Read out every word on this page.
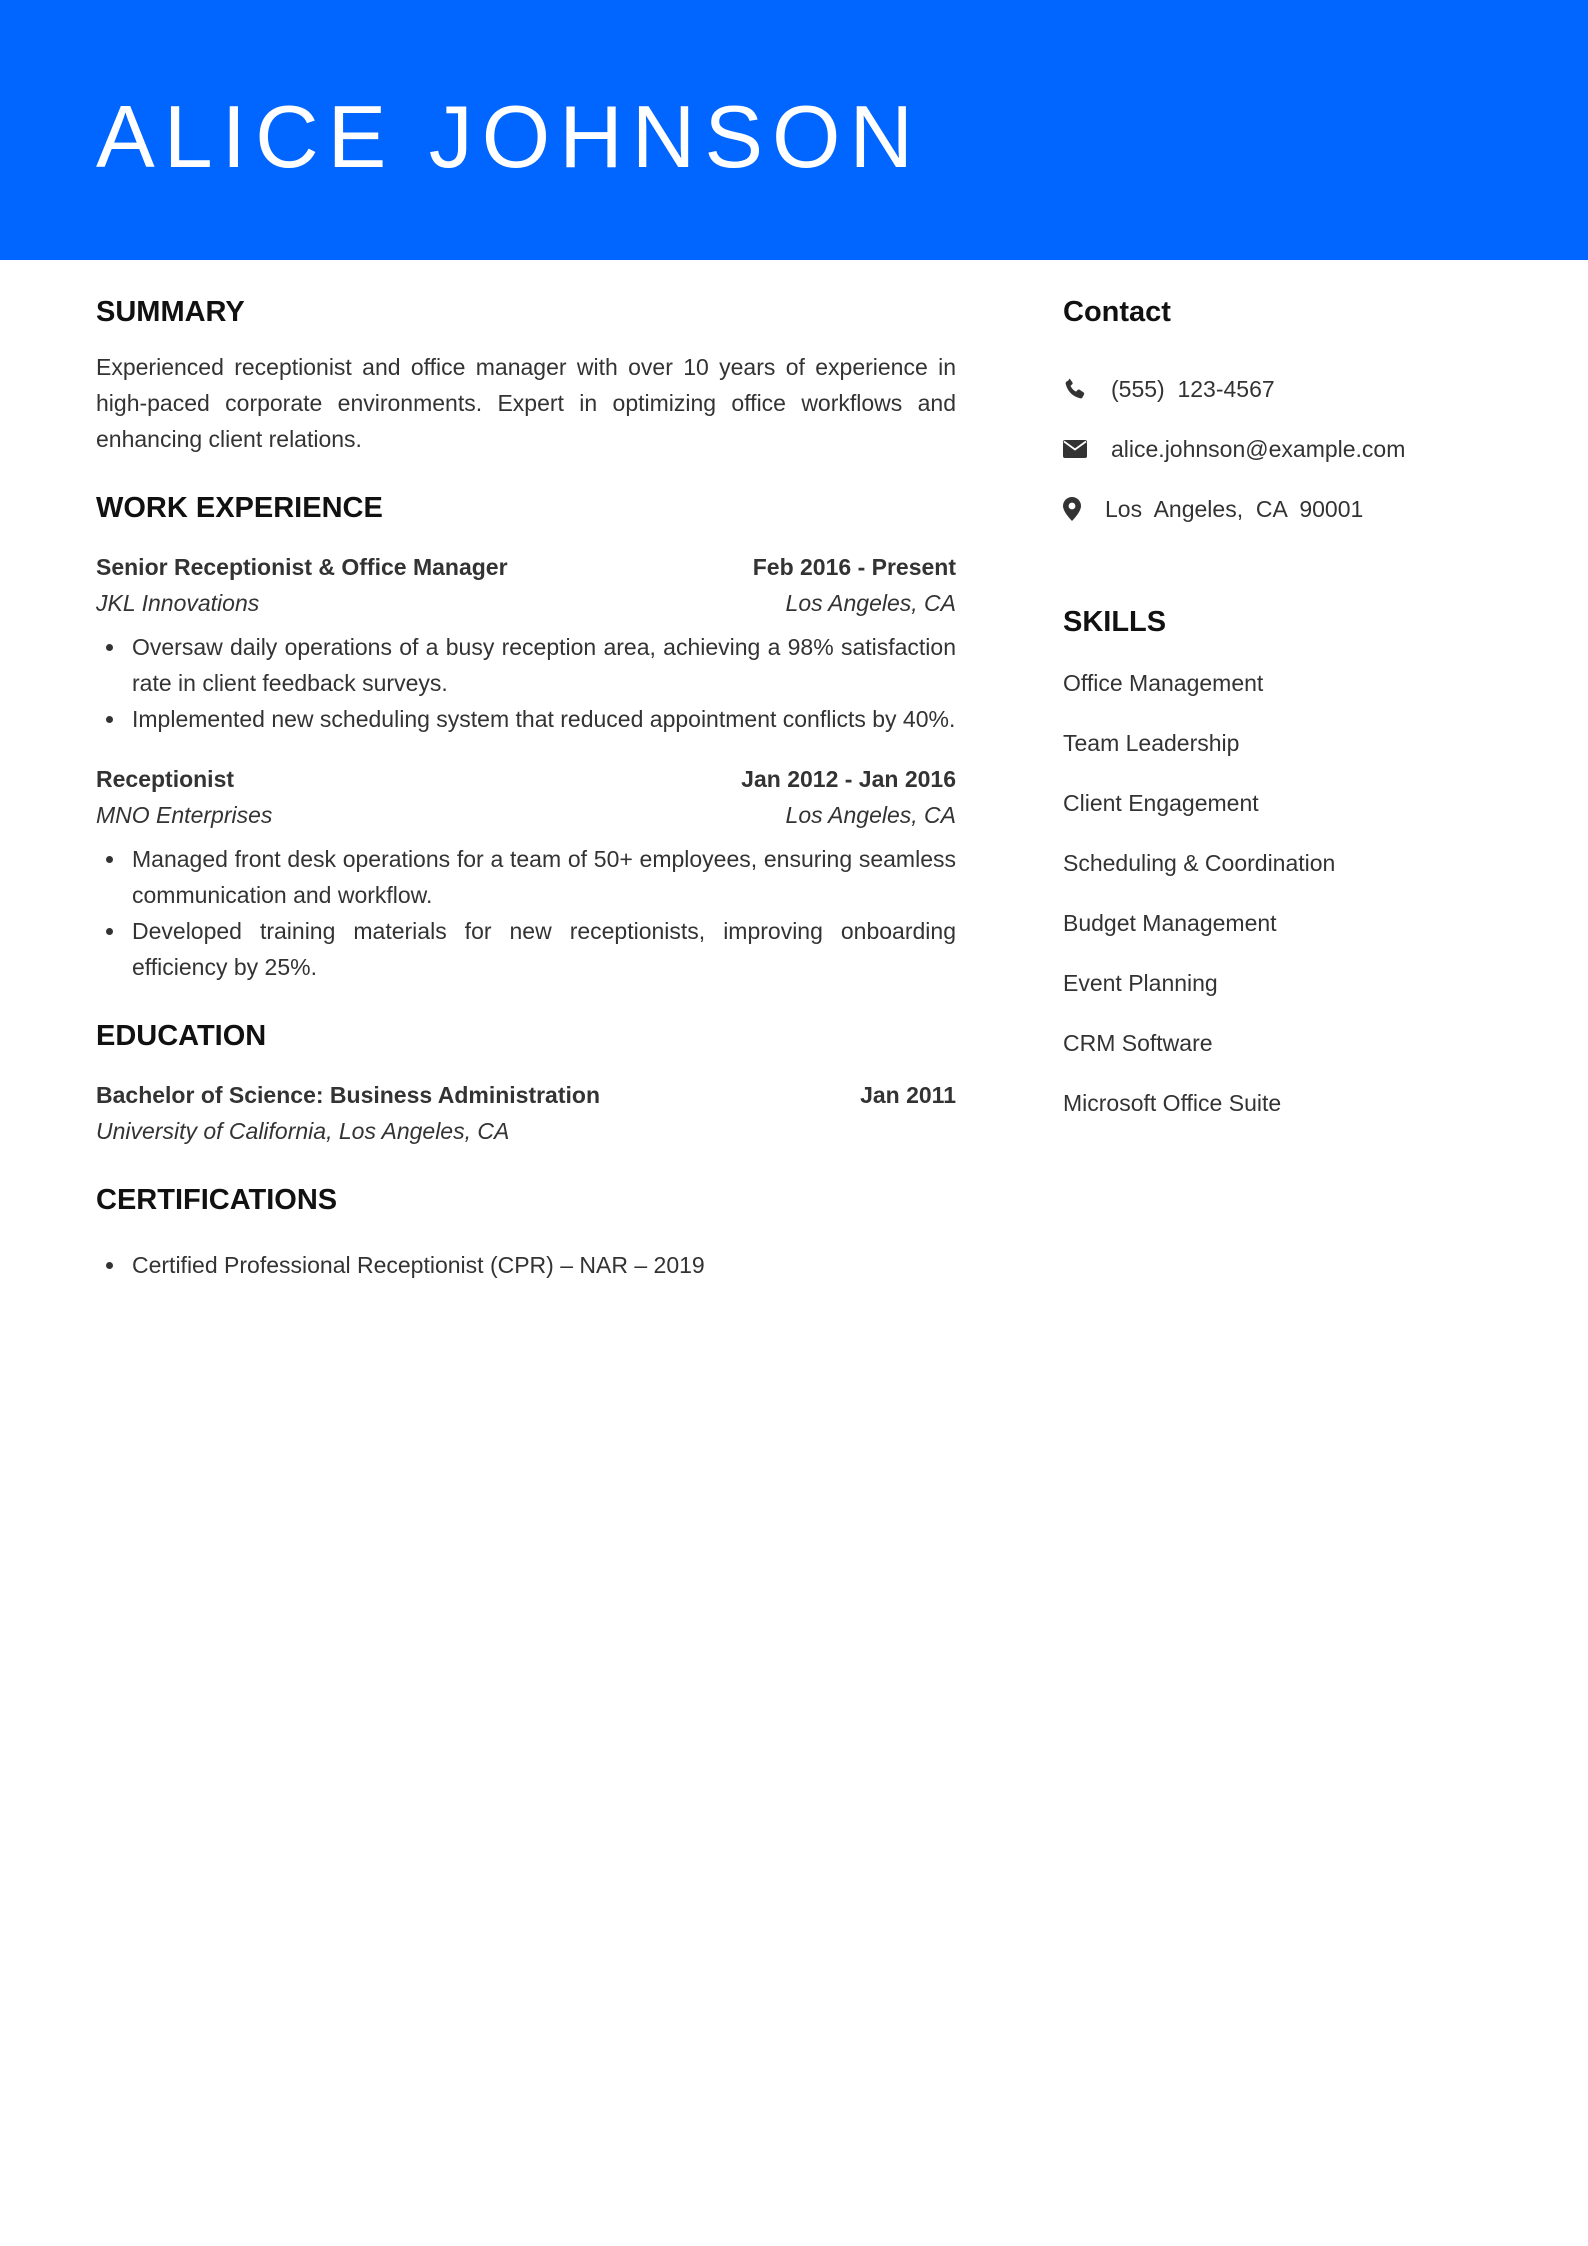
ALICE JOHNSON
SUMMARY

Experienced receptionist and office manager with over 10 years of experience in high-paced corporate environments. Expert in optimizing office workflows and enhancing client relations.

WORK EXPERIENCE
Senior Receptionist & Office Manager	Feb 2016 - Present
JKL Innovations	Los Angeles, CA
Oversaw daily operations of a busy reception area, achieving a 98% satisfaction rate in client feedback surveys.
Implemented new scheduling system that reduced appointment conflicts by 40%.
Receptionist	Jan 2012 - Jan 2016
MNO Enterprises	Los Angeles, CA
Managed front desk operations for a team of 50+ employees, ensuring seamless communication and workflow.
Developed training materials for new receptionists, improving onboarding efficiency by 25%.
EDUCATION
Bachelor of Science: Business Administration	Jan 2011
University of California, Los Angeles, CA
CERTIFICATIONS
Certified Professional Receptionist (CPR) – NAR – 2019
Contact
(555)  123-4567
alice.johnson@example.com
Los  Angeles,  CA  90001
SKILLS
Office Management
Team Leadership
Client Engagement
Scheduling & Coordination
Budget Management
Event Planning
CRM Software
Microsoft Office Suite
